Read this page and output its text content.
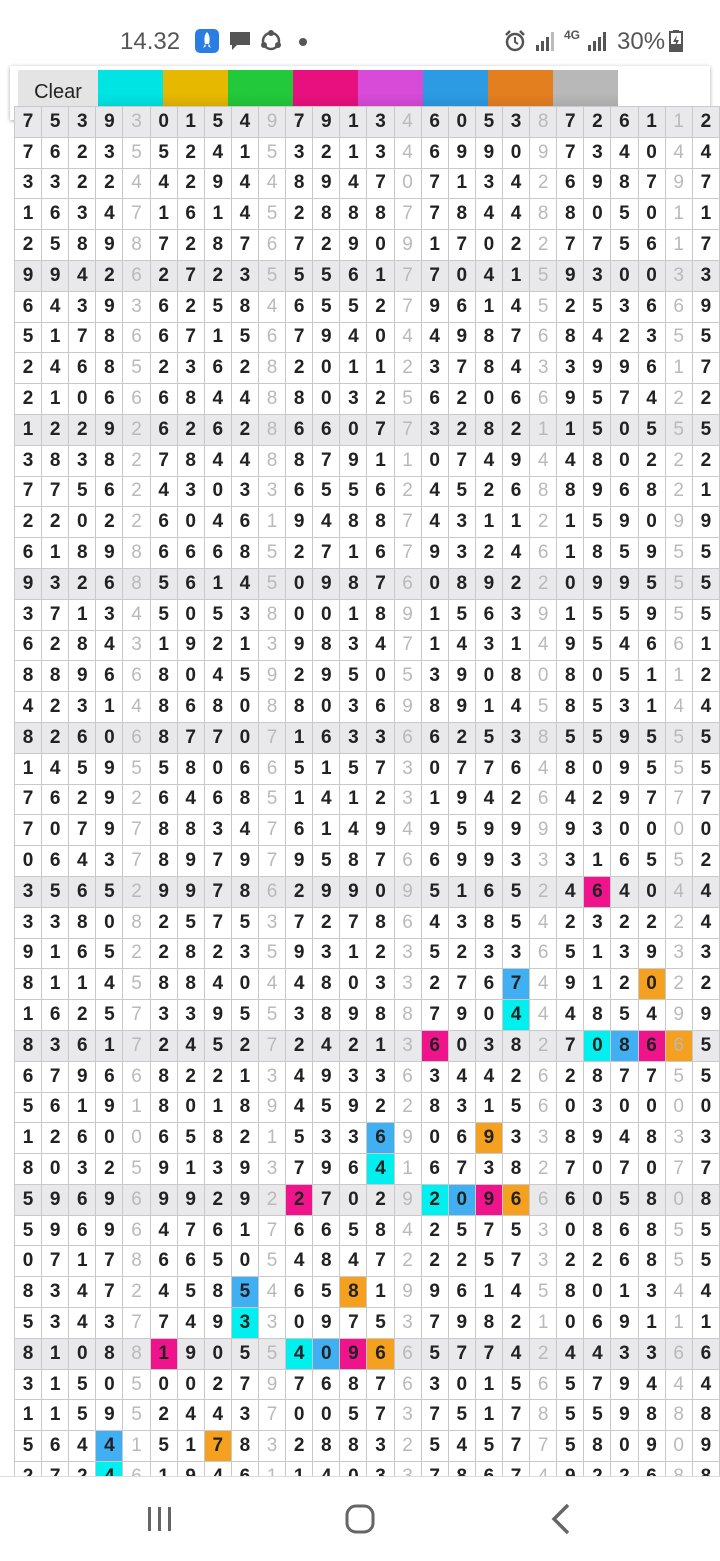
14.32	4G 30%
Clear
7	5	3	9	3	0	1	5	4	9	7	9	1	3	4	6	0	5	3	8	7	2	6	1	1	2
7	6	2	3	5	5	2	4	1	5	3	2	1	3	4	6	9	9	0	9	7	3	4	0	4	4
3	3	2	2	4	4	2	9	4	4	8	9	4	7	0	7	1	3	4	2	6	9	8	7	9	7
1	6	3	4	7	1	6	1	4	5	2	8	8	8	7	7	8	4	4	8	8	0	5	0	1	1
2	5	8	9	8	7	2	8	7	6	7	2	9	0	9	1	7	0	2	2	7	7	5	6	1	7
9	9	4	2	6	2	7	2	3	5	5	5	6	1	7	7	0	4	1	5	9	3	0	0	3	3
6	4	3	9	3	6	2	5	8	4	6	5	5	2	7	9	6	1	4	5	2	5	3	6	6	9
5	1	7	8	6	6	7	1	5	6	7	9	4	0	4	4	9	8	7	6	8	4	2	3	5	5
2	4	6	8	5	2	3	6	2	8	2	0	1	1	2	3	7	8	4	3	3	9	9	6	1	7
2	1	0	6	6	6	8	4	4	8	8	0	3	2	5	6	2	0	6	6	9	5	7	4	2	2
1	2	2	9	2	6	2	6	2	8	6	6	0	7	7	3	2	8	2	1	1	5	0	5	5	5
3	8	3	8	2	7	8	4	4	8	8	7	9	1	1	0	7	4	9	4	4	8	0	2	2	2
7	7	5	6	2	4	3	0	3	3	6	5	5	6	2	4	5	2	6	8	8	9	6	8	2	1
2	2	0	2	2	6	0	4	6	1	9	4	8	8	7	4	3	1	1	2	1	5	9	0	9	9
6	1	8	9	8	6	6	6	8	5	2	7	1	6	7	9	3	2	4	6	1	8	5	9	5	5
9	3	2	6	8	5	6	1	4	5	0	9	8	7	6	0	8	9	2	2	0	9	9	5	5	5
3	7	1	3	4	5	0	5	3	8	0	0	1	8	9	1	5	6	3	9	1	5	5	9	5	5
6	2	8	4	3	1	9	2	1	3	9	8	3	4	7	1	4	3	1	4	9	5	4	6	6	1
8	8	9	6	6	8	0	4	5	9	2	9	5	0	5	3	9	0	8	0	8	0	5	1	1	2
4	2	3	1	4	8	6	8	0	8	8	0	3	6	9	8	9	1	4	5	8	5	3	1	4	4
8	2	6	0	6	8	7	7	0	7	1	6	3	3	6	6	2	5	3	8	5	5	9	5	5	5
1	4	5	9	5	5	8	0	6	6	5	1	5	7	3	0	7	7	6	4	8	0	9	5	5	5
7	6	2	9	2	6	4	6	8	5	1	4	1	2	3	1	9	4	2	6	4	2	9	7	7	7
7	0	7	9	7	8	8	3	4	7	6	1	4	9	4	9	5	9	9	9	9	3	0	0	0	0
0	6	4	3	7	8	9	7	9	7	9	5	8	7	6	6	9	9	3	3	3	1	6	5	5	2
3	5	6	5	2	9	9	7	8	6	2	9	9	0	9	5	1	6	5	2	4	6	4	0	4	4
3	3	8	0	8	2	5	7	5	3	7	2	7	8	6	4	3	8	5	4	2	3	2	2	2	4
9	1	6	5	2	2	8	2	3	5	9	3	1	2	3	5	2	3	3	6	5	1	3	9	3	3
8	1	1	4	5	8	8	4	0	4	4	8	0	3	3	2	7	6	7	4	9	1	2	0	2	2
1	6	2	5	7	3	3	9	5	5	3	8	9	8	8	7	9	0	4	4	4	8	5	4	9	9
8	3	6	1	7	2	4	5	2	7	2	4	2	1	3	6	0	3	8	2	7	0	8	6	6	5
6	7	9	6	6	8	2	2	1	3	4	9	3	3	6	3	4	4	2	6	2	8	7	7	5	5
5	6	1	9	1	8	0	1	8	9	4	5	9	2	2	8	3	1	5	6	0	3	0	0	0	0
1	2	6	0	0	6	5	8	2	1	5	3	3	6	9	0	6	9	3	3	8	9	4	8	3	3
8	0	3	2	5	9	1	3	9	3	7	9	6	4	1	6	7	3	8	2	7	0	7	0	7	7
5	9	6	9	6	9	9	2	9	2	2	7	0	2	9	2	0	9	6	6	6	0	5	8	0	8
5	9	6	9	6	4	7	6	1	7	6	6	5	8	4	2	5	7	5	3	0	8	6	8	5	5
0	7	1	7	8	6	6	5	0	5	4	8	4	7	2	2	2	5	7	3	2	2	6	8	5	5
8	3	4	7	2	4	5	8	5	4	6	5	8	1	9	9	6	1	4	5	8	0	1	3	4	4
5	3	4	3	7	7	4	9	3	3	0	9	7	5	3	7	9	8	2	1	0	6	9	1	1	1
8	1	0	8	8	1	9	0	5	5	4	0	9	6	6	5	7	7	4	2	4	4	3	3	6	6
3	1	5	0	5	0	0	2	7	9	7	6	8	7	6	3	0	1	5	6	5	7	9	4	4	4
1	1	5	9	5	2	4	4	3	7	0	0	5	7	3	7	5	1	7	8	5	5	9	8	8	8
5	6	4	4	1	5	1	7	8	3	2	8	8	3	2	5	4	5	7	7	5	8	0	9	0	9
